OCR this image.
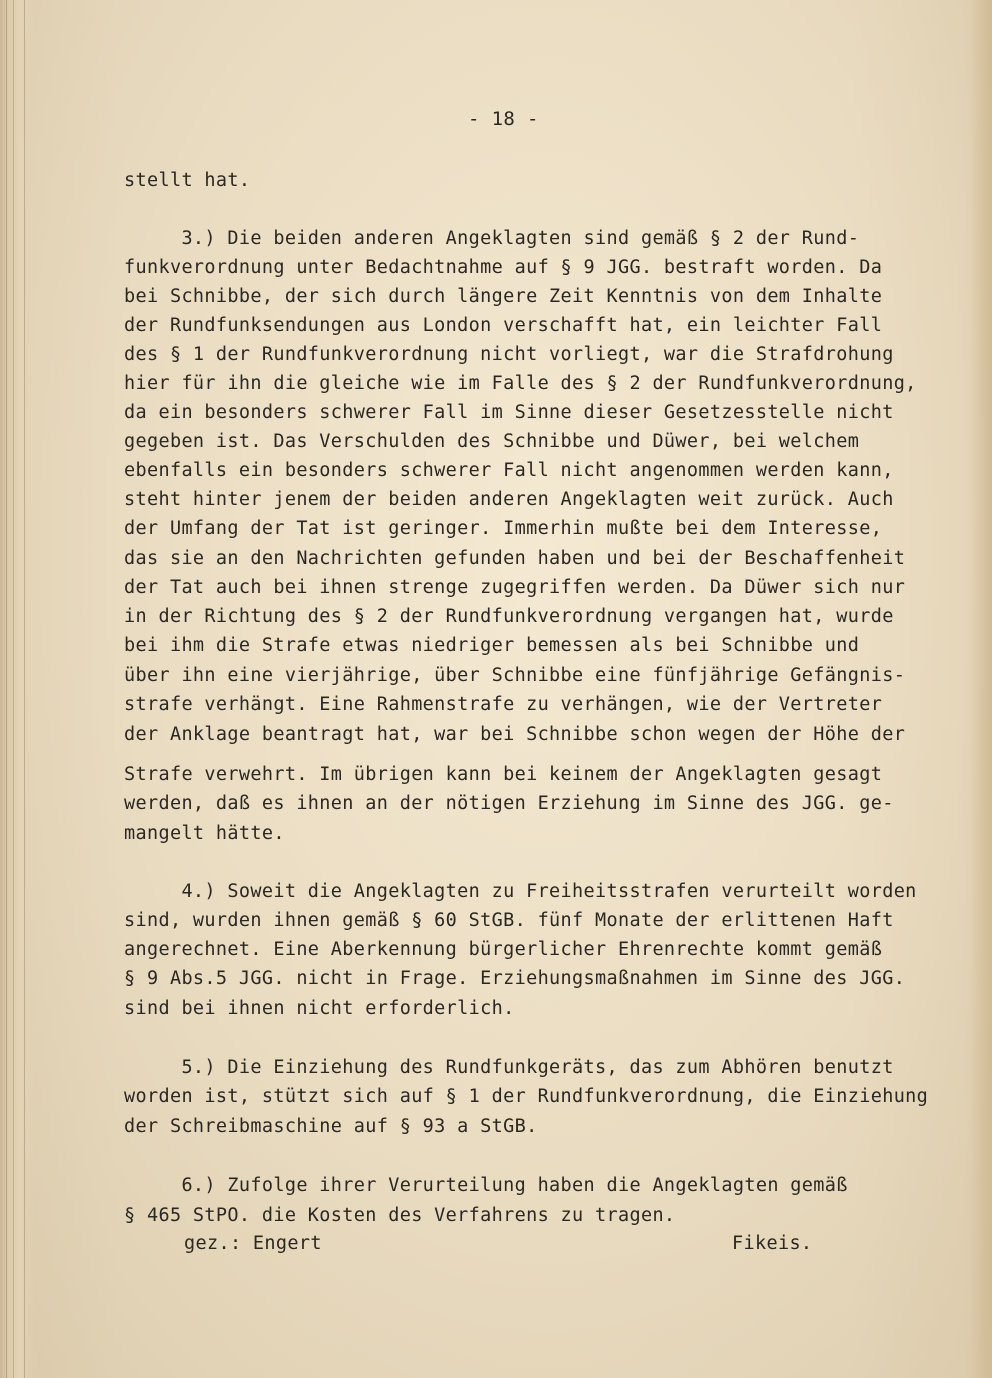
- 18 -
stellt hat.
3.) Die beiden anderen Angeklagten sind gemäß § 2 der Rund-
funkverordnung unter Bedachtnahme auf § 9 JGG. bestraft worden. Da
bei Schnibbe, der sich durch längere Zeit Kenntnis von dem Inhalte
der Rundfunksendungen aus London verschafft hat, ein leichter Fall
des § 1 der Rundfunkverordnung nicht vorliegt, war die Strafdrohung
hier für ihn die gleiche wie im Falle des § 2 der Rundfunkverordnung,
da ein besonders schwerer Fall im Sinne dieser Gesetzesstelle nicht
gegeben ist. Das Verschulden des Schnibbe und Düwer, bei welchem
ebenfalls ein besonders schwerer Fall nicht angenommen werden kann,
steht hinter jenem der beiden anderen Angeklagten weit zurück. Auch
der Umfang der Tat ist geringer. Immerhin mußte bei dem Interesse,
das sie an den Nachrichten gefunden haben und bei der Beschaffenheit
der Tat auch bei ihnen strenge zugegriffen werden. Da Düwer sich nur
in der Richtung des § 2 der Rundfunkverordnung vergangen hat, wurde
bei ihm die Strafe etwas niedriger bemessen als bei Schnibbe und
über ihn eine vierjährige, über Schnibbe eine fünfjährige Gefängnis-
strafe verhängt. Eine Rahmenstrafe zu verhängen, wie der Vertreter
der Anklage beantragt hat, war bei Schnibbe schon wegen der Höhe der
Strafe verwehrt. Im übrigen kann bei keinem der Angeklagten gesagt
werden, daß es ihnen an der nötigen Erziehung im Sinne des JGG. ge-
mangelt hätte.
4.) Soweit die Angeklagten zu Freiheitsstrafen verurteilt worden
sind, wurden ihnen gemäß § 60 StGB. fünf Monate der erlittenen Haft
angerechnet. Eine Aberkennung bürgerlicher Ehrenrechte kommt gemäß
§ 9 Abs.5 JGG. nicht in Frage. Erziehungsmaßnahmen im Sinne des JGG.
sind bei ihnen nicht erforderlich.
5.) Die Einziehung des Rundfunkgeräts, das zum Abhören benutzt
worden ist, stützt sich auf § 1 der Rundfunkverordnung, die Einziehung
der Schreibmaschine auf § 93 a StGB.
6.) Zufolge ihrer Verurteilung haben die Angeklagten gemäß
§ 465 StPO. die Kosten des Verfahrens zu tragen.
gez.: Engert	Fikeis.
